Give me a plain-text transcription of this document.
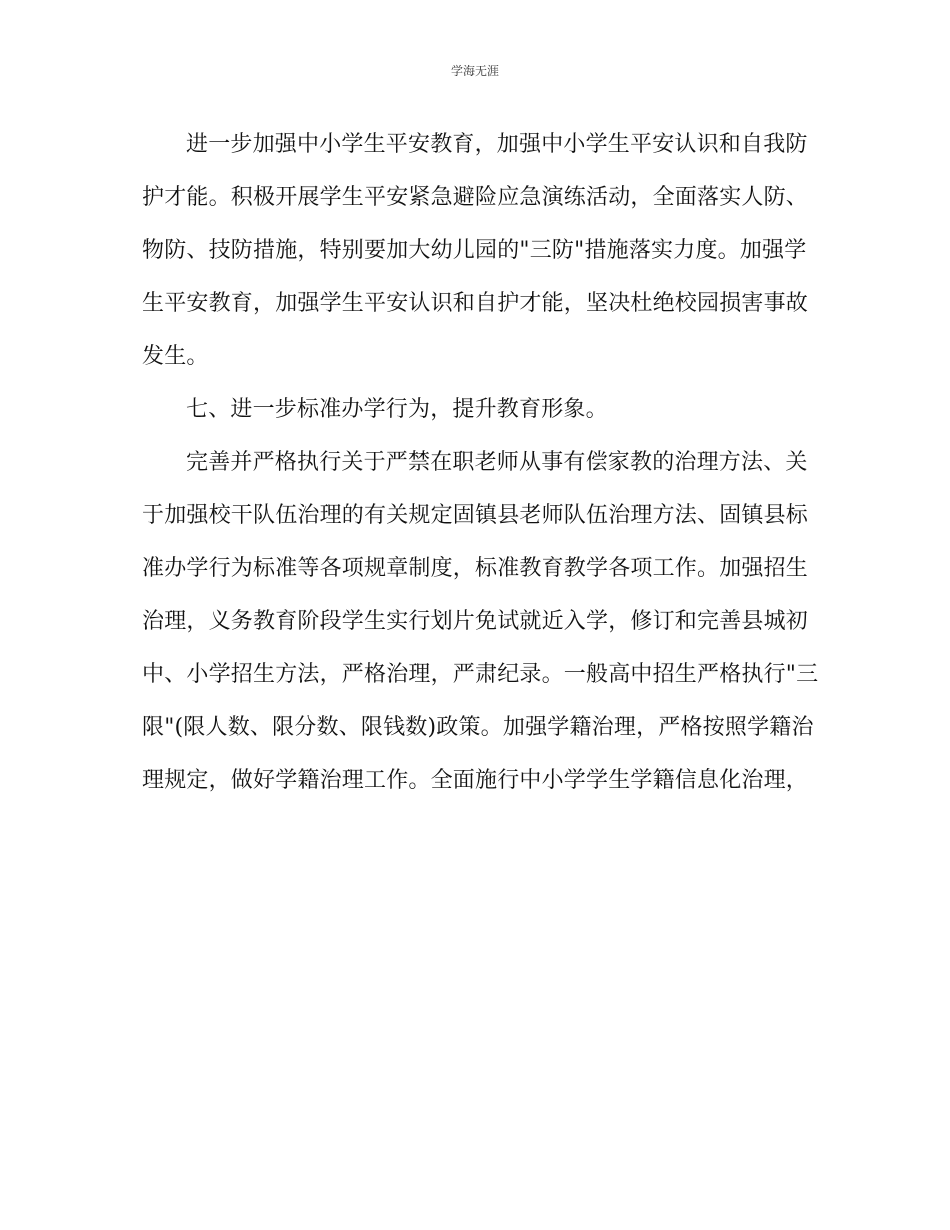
学海无涯
进一步加强中小学生平安教育，加强中小学生平安认识和自我防
护才能。积极开展学生平安紧急避险应急演练活动，全面落实人防、
物防、技防措施，特别要加大幼儿园的"三防"措施落实力度。加强学
生平安教育，加强学生平安认识和自护才能，坚决杜绝校园损害事故
发生。
七、进一步标准办学行为，提升教育形象。
完善并严格执行关于严禁在职老师从事有偿家教的治理方法、关
于加强校干队伍治理的有关规定固镇县老师队伍治理方法、固镇县标
准办学行为标准等各项规章制度，标准教育教学各项工作。加强招生
治理，义务教育阶段学生实行划片免试就近入学，修订和完善县城初
中、小学招生方法，严格治理，严肃纪录。一般高中招生严格执行"三
限"(限人数、限分数、限钱数)政策。加强学籍治理，严格按照学籍治
理规定，做好学籍治理工作。全面施行中小学学生学籍信息化治理，
